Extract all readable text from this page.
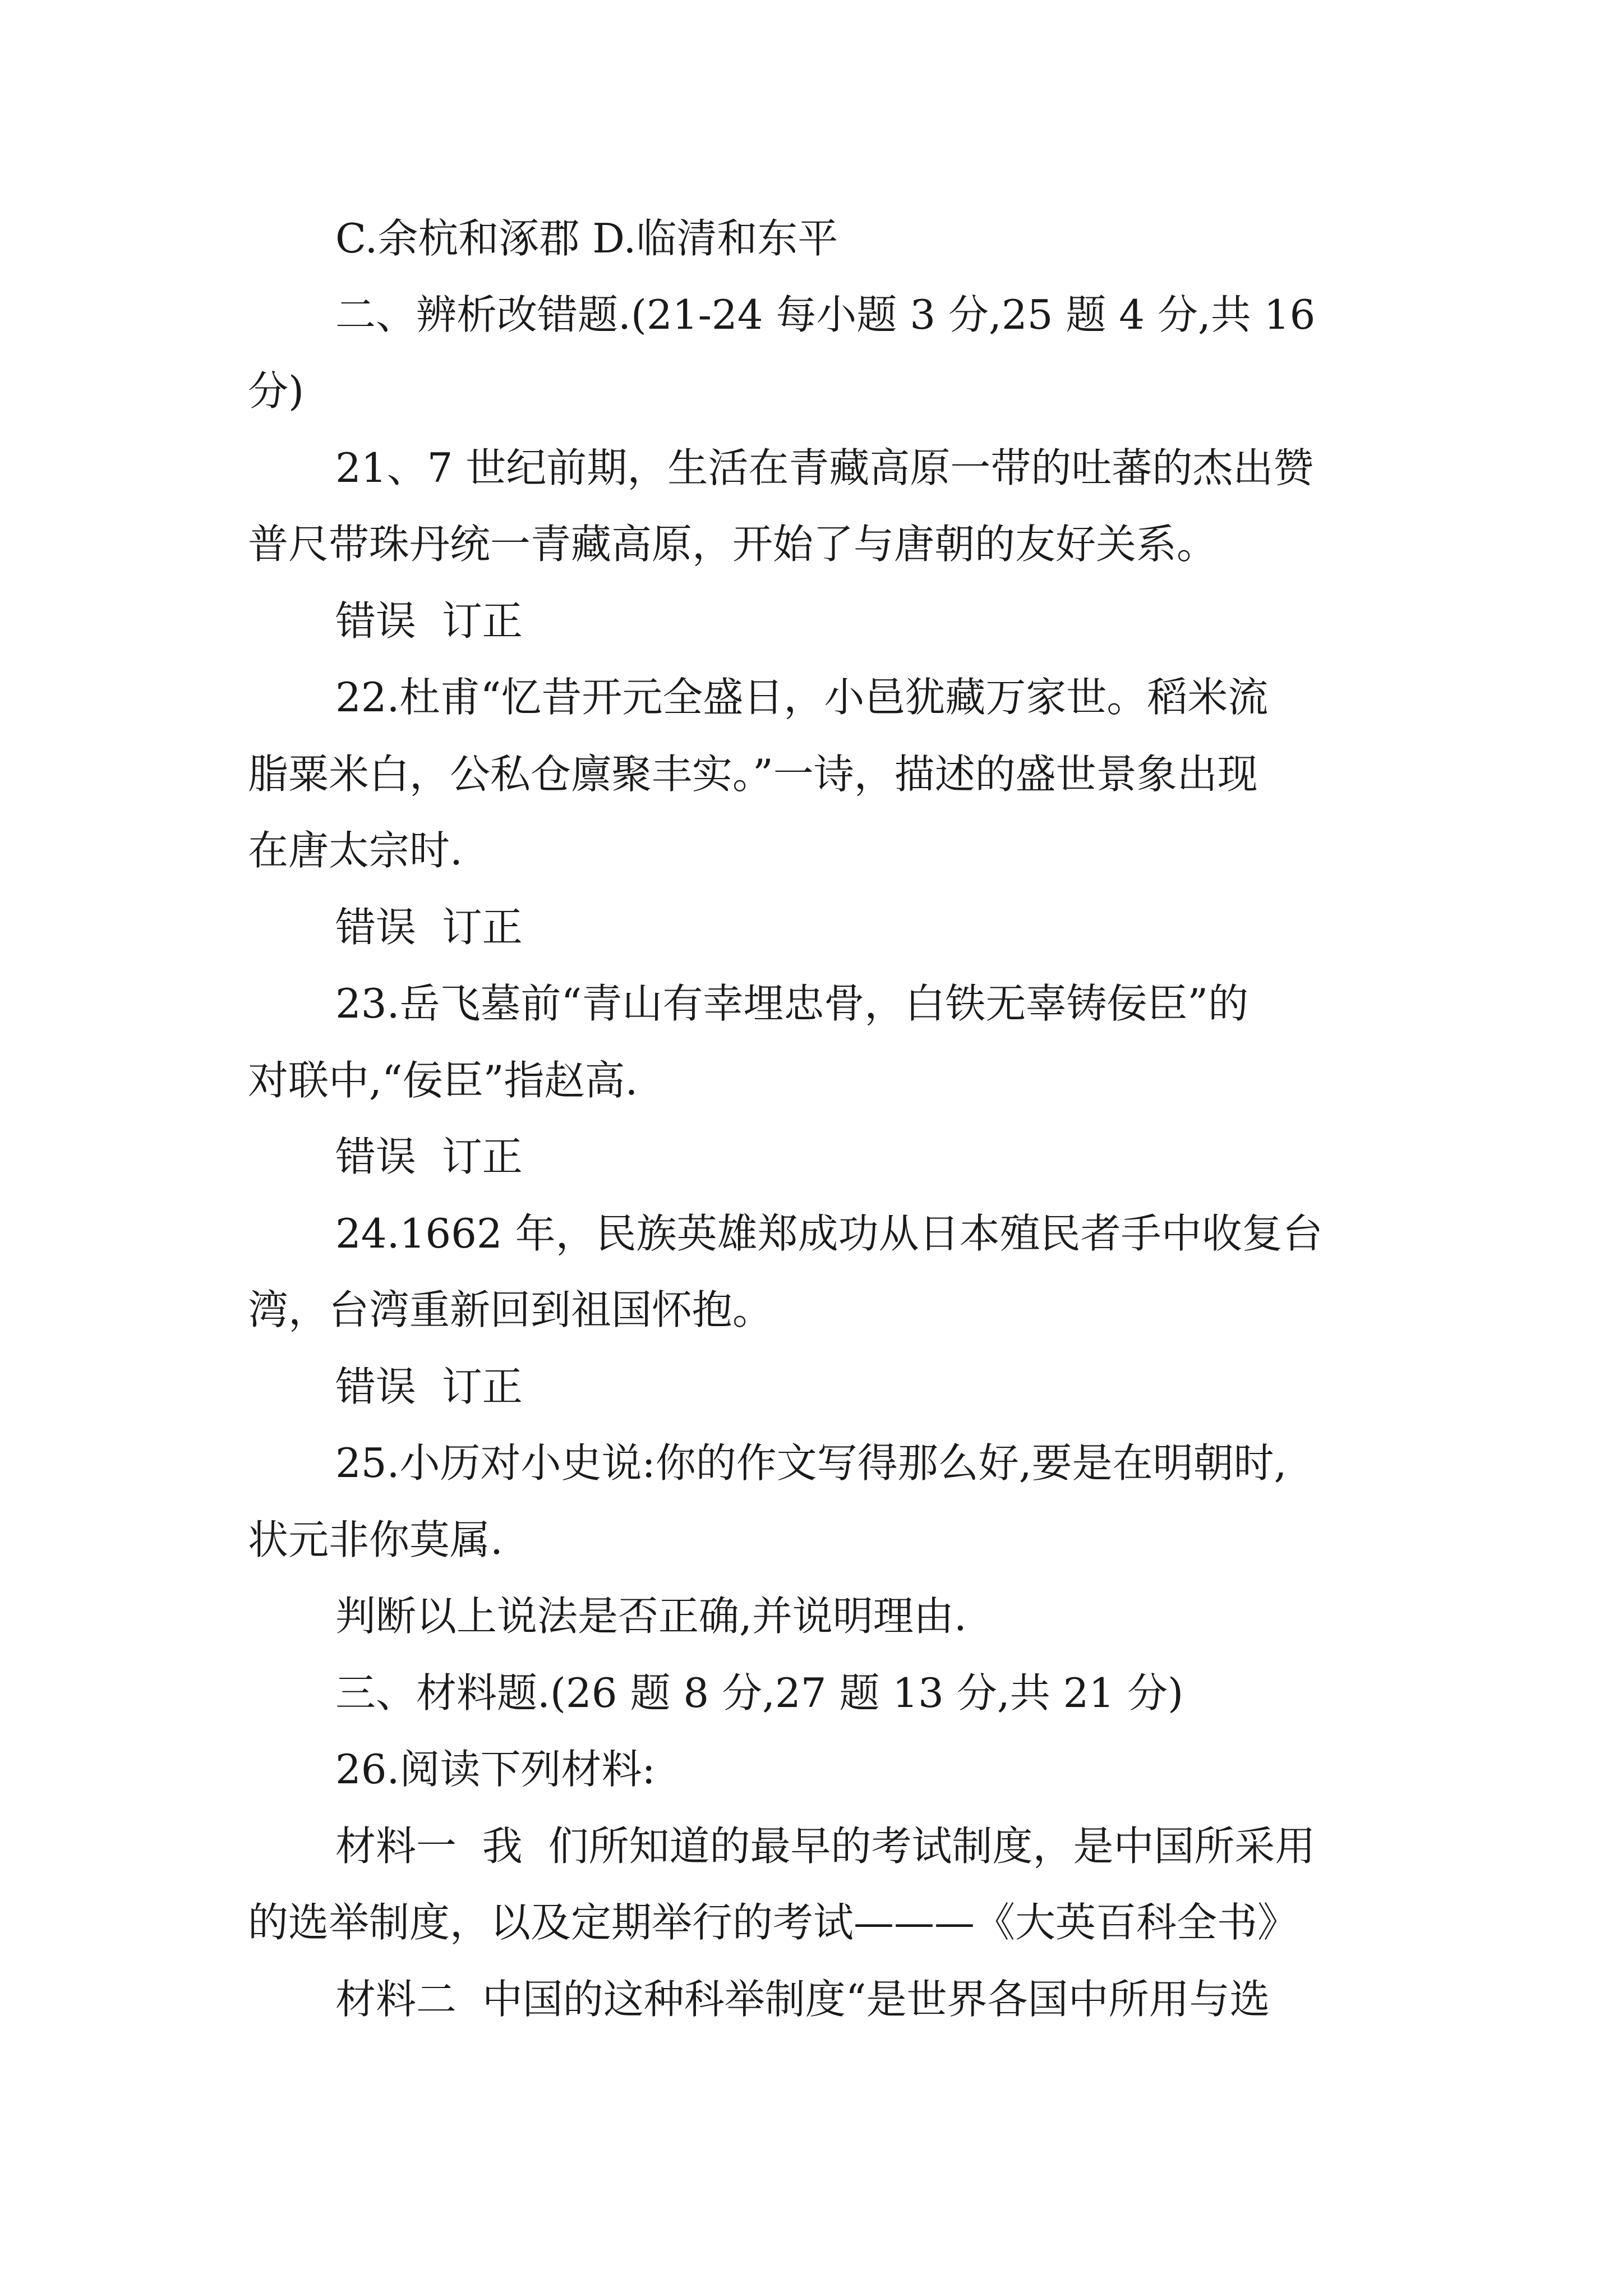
C.余杭和涿郡 D.临清和东平
二、辨析改错题.(21-24 每小题 3 分,25 题 4 分,共 16
分)
21、7 世纪前期，生活在青藏高原一带的吐蕃的杰出赞
普尺带珠丹统一青藏高原，开始了与唐朝的友好关系。
错误  订正
22.杜甫“忆昔开元全盛日，小邑犹藏万家世。稻米流
脂粟米白，公私仓廪聚丰实。”一诗，描述的盛世景象出现
在唐太宗时.
错误  订正
23.岳飞墓前“青山有幸埋忠骨，白铁无辜铸佞臣”的
对联中,“佞臣”指赵高.
错误  订正
24.1662 年，民族英雄郑成功从日本殖民者手中收复台
湾，台湾重新回到祖国怀抱。
错误  订正
25.小历对小史说:你的作文写得那么好,要是在明朝时,
状元非你莫属.
判断以上说法是否正确,并说明理由.
三、材料题.(26 题 8 分,27 题 13 分,共 21 分)
26.阅读下列材料:
材料一  我  们所知道的最早的考试制度，是中国所采用
的选举制度，以及定期举行的考试———《大英百科全书》
材料二  中国的这种科举制度“是世界各国中所用与选
